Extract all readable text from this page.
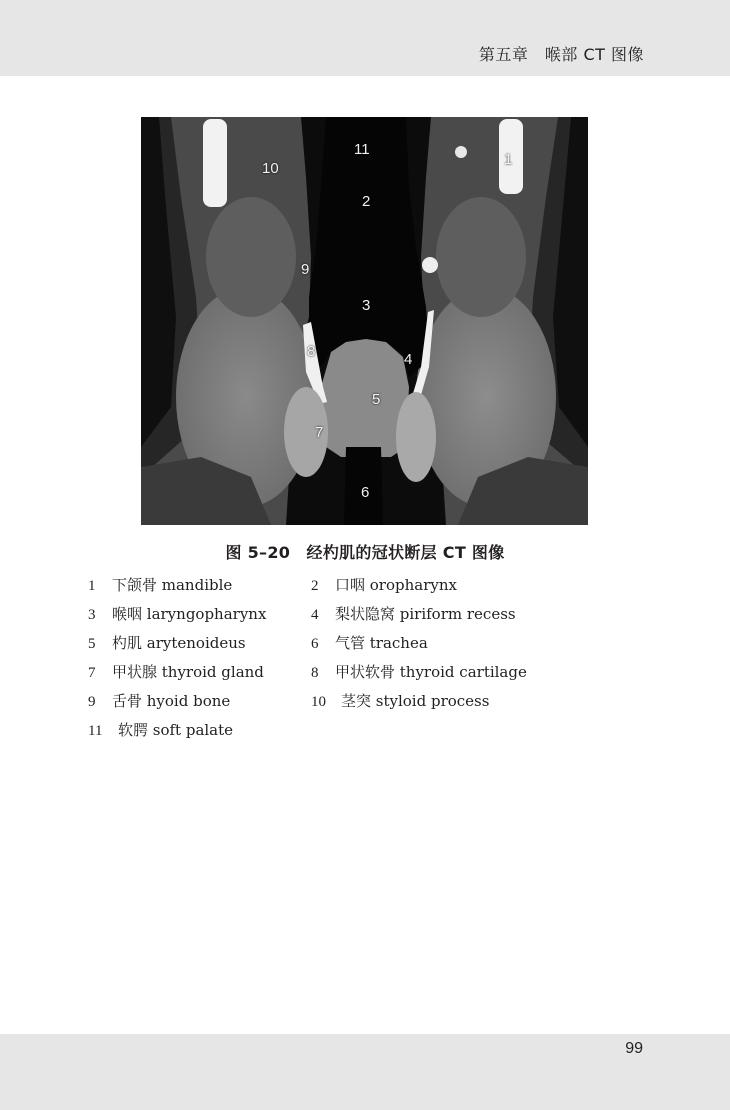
第五章　喉部 CT 图像
1
2
3
4
5
6
7
8
9
10
11
图 5–20　经杓肌的冠状断层 CT 图像
1 下颌骨 mandible	2 口咽 oropharynx
3 喉咽 laryngopharynx	4 梨状隐窝 piriform recess
5 杓肌 arytenoideus	6 气管 trachea
7 甲状腺 thyroid gland	8 甲状软骨 thyroid cartilage
9 舌骨 hyoid bone	10 茎突 styloid process
11 软腭 soft palate
99
